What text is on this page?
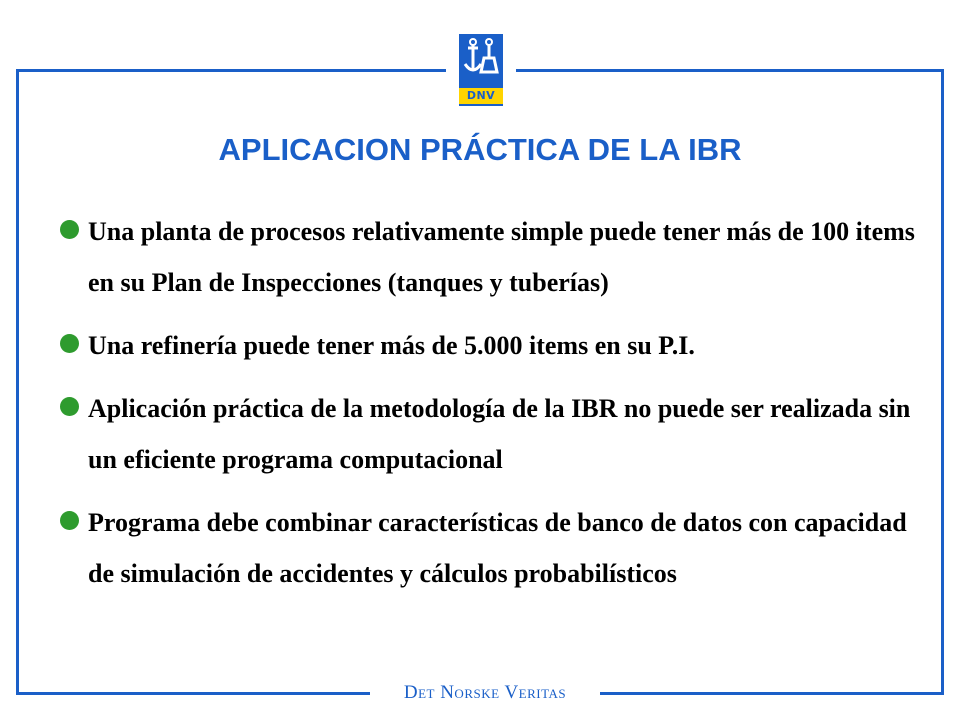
DNV
APLICACION PRÁCTICA DE LA IBR
Una planta de procesos relativamente simple puede tener más de 100 items en su Plan de Inspecciones (tanques y tuberías)
Una refinería puede tener más de 5.000 items en su P.I.
Aplicación práctica de la metodología de la IBR no puede ser realizada sin un eficiente programa computacional
Programa debe combinar características de banco de datos con capacidad de simulación de accidentes y cálculos probabilísticos
Det Norske Veritas
